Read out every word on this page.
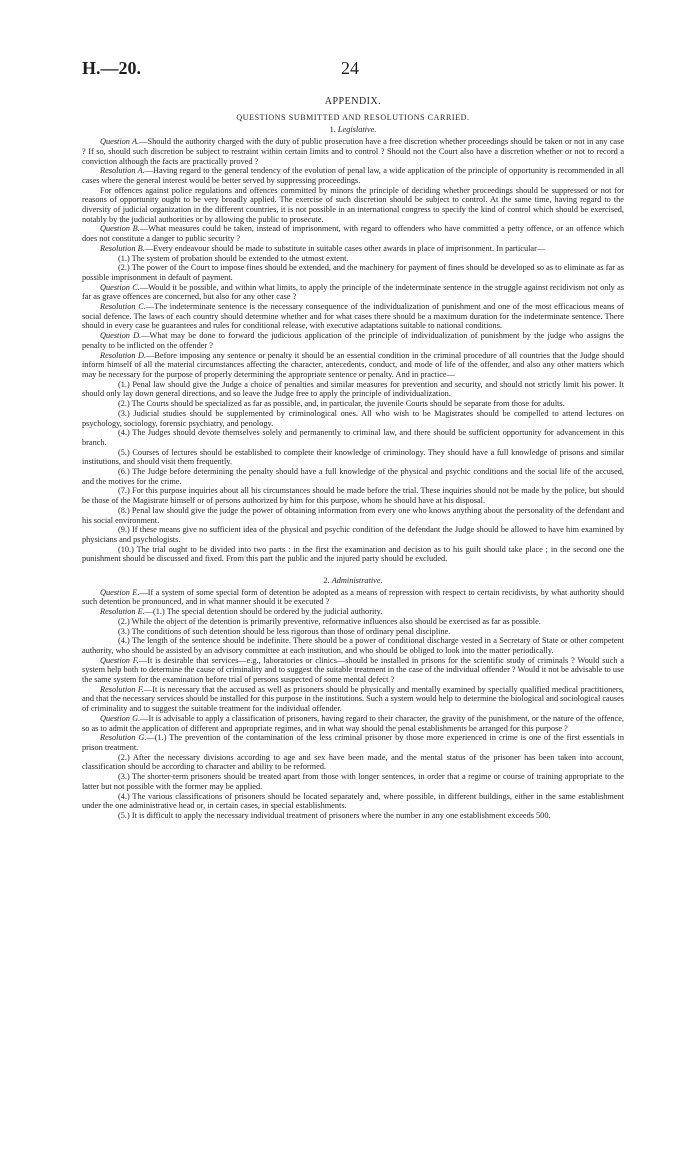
H.—20.	24
APPENDIX.
QUESTIONS SUBMITTED AND RESOLUTIONS CARRIED.
1. Legislative.

Question A.—Should the authority charged with the duty of public prosecution have a free discretion whether proceedings should be taken or not in any case ? If so, should such discretion be subject to restraint within certain limits and to control ? Should not the Court also have a discretion whether or not to record a conviction although the facts are practically proved ?

Resolution A.—Having regard to the general tendency of the evolution of penal law, a wide application of the principle of opportunity is recommended in all cases where the general interest would be better served by suppressing proceedings.

For offences against police regulations and offences committed by minors the principle of deciding whether proceedings should be suppressed or not for reasons of opportunity ought to be very broadly applied. The exercise of such discretion should be subject to control. At the same time, having regard to the diversity of judicial organization in the different countries, it is not possible in an international congress to specify the kind of control which should be exercised, notably by the judicial authorities or by allowing the public to prosecute.

Question B.—What measures could be taken, instead of imprisonment, with regard to offenders who have committed a petty offence, or an offence which does not constitute a danger to public security ?

Resolution B.—Every endeavour should be made to substitute in suitable cases other awards in place of imprisonment. In particular—

(1.) The system of probation should be extended to the utmost extent.

(2.) The power of the Court to impose fines should be extended, and the machinery for payment of fines should be developed so as to eliminate as far as possible imprisonment in default of payment.

Question C.—Would it be possible, and within what limits, to apply the principle of the indeterminate sentence in the struggle against recidivism not only as far as grave offences are concerned, but also for any other case ?

Resolution C.—The indeterminate sentence is the necessary consequence of the individualization of punishment and one of the most efficacious means of social defence. The laws of each country should determine whether and for what cases there should be a maximum duration for the indeterminate sentence. There should in every case be guarantees and rules for conditional release, with executive adaptations suitable to national conditions.

Question D.—What may be done to forward the judicious application of the principle of individualization of punishment by the judge who assigns the penalty to be inflicted on the offender ?

Resolution D.—Before imposing any sentence or penalty it should be an essential condition in the criminal procedure of all countries that the Judge should inform himself of all the material circumstances affecting the character, antecedents, conduct, and mode of life of the offender, and also any other matters which may be necessary for the purpose of properly determining the appropriate sentence or penalty. And in practice—

(1.) Penal law should give the Judge a choice of penalties and similar measures for prevention and security, and should not strictly limit his power. It should only lay down general directions, and so leave the Judge free to apply the principle of individualization.

(2.) The Courts should be specialized as far as possible, and, in particular, the juvenile Courts should be separate from those for adults.

(3.) Judicial studies should be supplemented by criminological ones. All who wish to be Magistrates should be compelled to attend lectures on psychology, sociology, forensic psychiatry, and penology.

(4.) The Judges should devote themselves solely and permanently to criminal law, and there should be sufficient opportunity for advancement in this branch.

(5.) Courses of lectures should be established to complete their knowledge of criminology. They should have a full knowledge of prisons and similar institutions, and should visit them frequently.

(6.) The Judge before determining the penalty should have a full knowledge of the physical and psychic conditions and the social life of the accused, and the motives for the crime.

(7.) For this purpose inquiries about all his circumstances should be made before the trial. These inquiries should not be made by the police, but should be those of the Magistrate himself or of persons authorized by him for this purpose, whom he should have at his disposal.

(8.) Penal law should give the judge the power of obtaining information from every one who knows anything about the personality of the defendant and his social environment.

(9.) If these means give no sufficient idea of the physical and psychic condition of the defendant the Judge should be allowed to have him examined by physicians and psychologists.

(10.) The trial ought to be divided into two parts : in the first the examination and decision as to his guilt should take place ; in the second one the punishment should be discussed and fixed. From this part the public and the injured party should be excluded.

2. Administrative.

Question E.—If a system of some special form of detention be adopted as a means of repression with respect to certain recidivists, by what authority should such detention be pronounced, and in what manner should it be executed ?

Resolution E.—(1.) The special detention should be ordered by the judicial authority.

(2.) While the object of the detention is primarily preventive, reformative influences also should be exercised as far as possible.

(3.) The conditions of such detention should be less rigorous than those of ordinary penal discipline.

(4.) The length of the sentence should be indefinite. There should be a power of conditional discharge vested in a Secretary of State or other competent authority, who should be assisted by an advisory committee at each institution, and who should be obliged to look into the matter periodically.

Question F.—It is desirable that services—e.g., laboratories or clinics—should be installed in prisons for the scientific study of criminals ? Would such a system help both to determine the cause of criminality and to suggest the suitable treatment in the case of the individual offender ? Would it not be advisable to use the same system for the examination before trial of persons suspected of some mental defect ?

Resolution F.—It is necessary that the accused as well as prisoners should be physically and mentally examined by specially qualified medical practitioners, and that the necessary services should be installed for this purpose in the institutions. Such a system would help to determine the biological and sociological causes of criminality and to suggest the suitable treatment for the individual offender.

Question G.—It is advisable to apply a classification of prisoners, having regard to their character, the gravity of the punishment, or the nature of the offence, so as to admit the application of different and appropriate regimes, and in what way should the penal establishments be arranged for this purpose ?

Resolution G.—(1.) The prevention of the contamination of the less criminal prisoner by those more experienced in crime is one of the first essentials in prison treatment.

(2.) After the necessary divisions according to age and sex have been made, and the mental status of the prisoner has been taken into account, classification should be according to character and ability to be reformed.

(3.) The shorter-term prisoners should be treated apart from those with longer sentences, in order that a regime or course of training appropriate to the latter but not possible with the former may be applied.

(4.) The various classifications of prisoners should be located separately and, where possible, in different buildings, either in the same establishment under the one administrative head or, in certain cases, in special establishments.

(5.) It is difficult to apply the necessary individual treatment of prisoners where the number in any one establishment exceeds 500.
